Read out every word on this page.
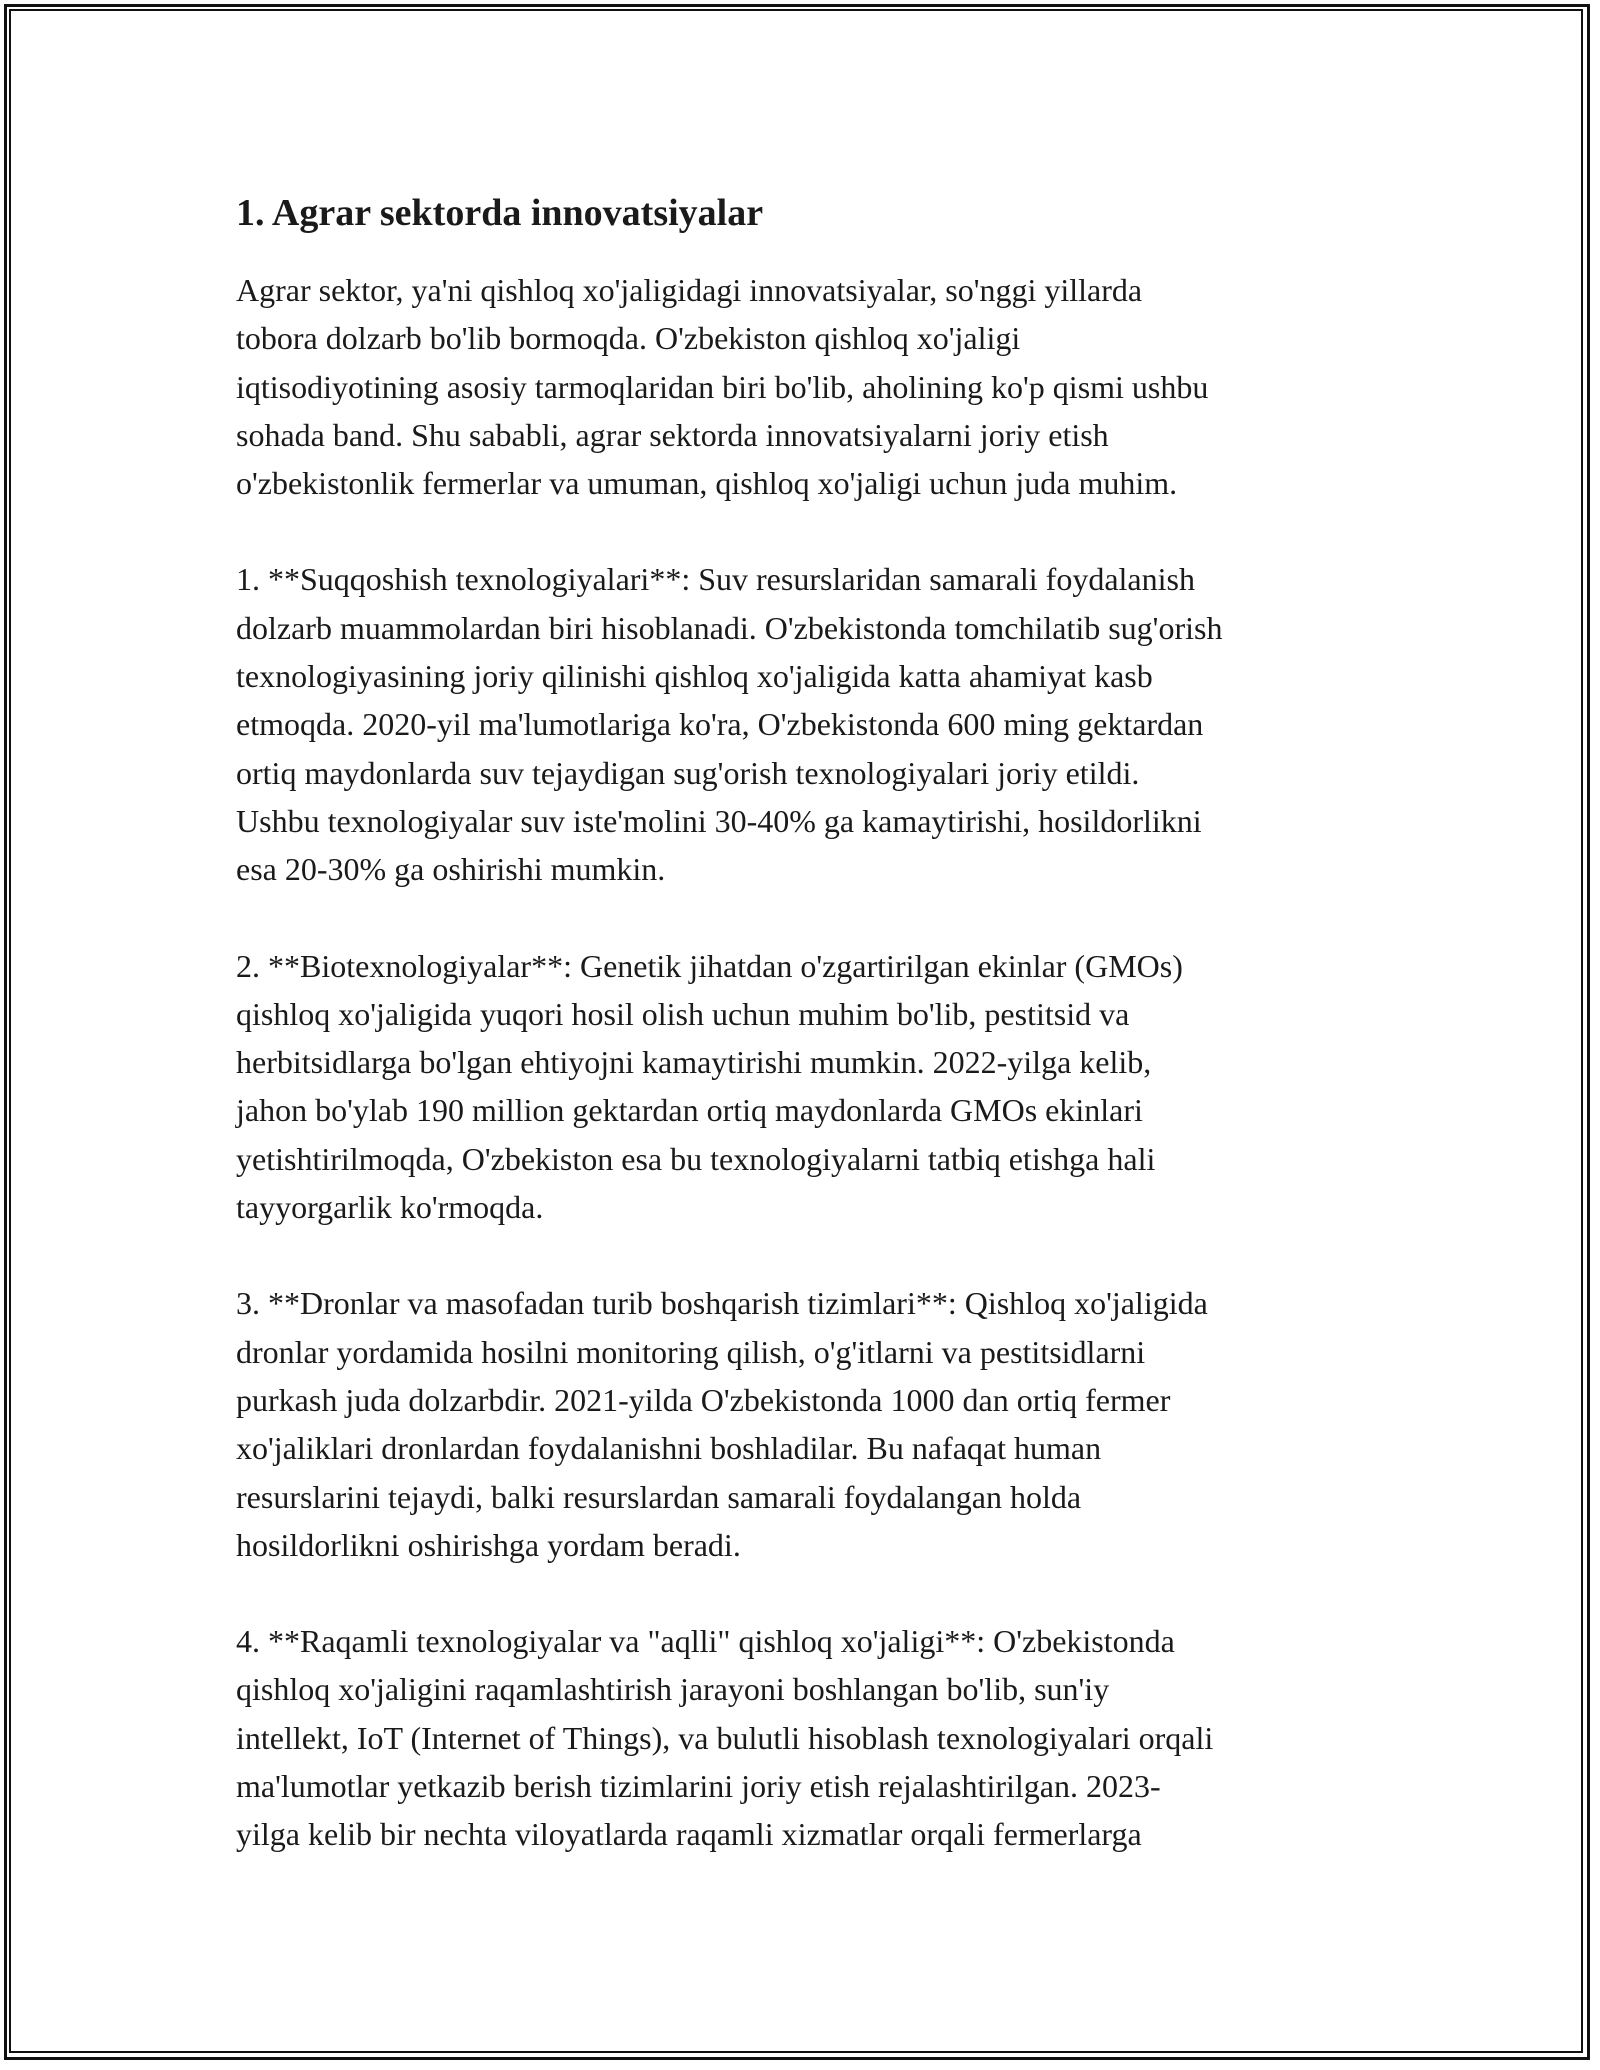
1. Agrar sektorda innovatsiyalar
Agrar sektor, ya'ni qishloq xo'jaligidagi innovatsiyalar, so'nggi yillarda
tobora dolzarb bo'lib bormoqda. O'zbekiston qishloq xo'jaligi
iqtisodiyotining asosiy tarmoqlaridan biri bo'lib, aholining ko'p qismi ushbu
sohada band. Shu sababli, agrar sektorda innovatsiyalarni joriy etish
o'zbekistonlik fermerlar va umuman, qishloq xo'jaligi uchun juda muhim.
1. **Suqqoshish texnologiyalari**: Suv resurslaridan samarali foydalanish
dolzarb muammolardan biri hisoblanadi. O'zbekistonda tomchilatib sug'orish
texnologiyasining joriy qilinishi qishloq xo'jaligida katta ahamiyat kasb
etmoqda. 2020-yil ma'lumotlariga ko'ra, O'zbekistonda 600 ming gektardan
ortiq maydonlarda suv tejaydigan sug'orish texnologiyalari joriy etildi.
Ushbu texnologiyalar suv iste'molini 30-40% ga kamaytirishi, hosildorlikni
esa 20-30% ga oshirishi mumkin.
2. **Biotexnologiyalar**: Genetik jihatdan o'zgartirilgan ekinlar (GMOs)
qishloq xo'jaligida yuqori hosil olish uchun muhim bo'lib, pestitsid va
herbitsidlarga bo'lgan ehtiyojni kamaytirishi mumkin. 2022-yilga kelib,
jahon bo'ylab 190 million gektardan ortiq maydonlarda GMOs ekinlari
yetishtirilmoqda, O'zbekiston esa bu texnologiyalarni tatbiq etishga hali
tayyorgarlik ko'rmoqda.
3. **Dronlar va masofadan turib boshqarish tizimlari**: Qishloq xo'jaligida
dronlar yordamida hosilni monitoring qilish, o'g'itlarni va pestitsidlarni
purkash juda dolzarbdir. 2021-yilda O'zbekistonda 1000 dan ortiq fermer
xo'jaliklari dronlardan foydalanishni boshladilar. Bu nafaqat human
resurslarini tejaydi, balki resurslardan samarali foydalangan holda
hosildorlikni oshirishga yordam beradi.
4. **Raqamli texnologiyalar va "aqlli" qishloq xo'jaligi**: O'zbekistonda
qishloq xo'jaligini raqamlashtirish jarayoni boshlangan bo'lib, sun'iy
intellekt, IoT (Internet of Things), va bulutli hisoblash texnologiyalari orqali
ma'lumotlar yetkazib berish tizimlarini joriy etish rejalashtirilgan. 2023-
yilga kelib bir nechta viloyatlarda raqamli xizmatlar orqali fermerlarga
